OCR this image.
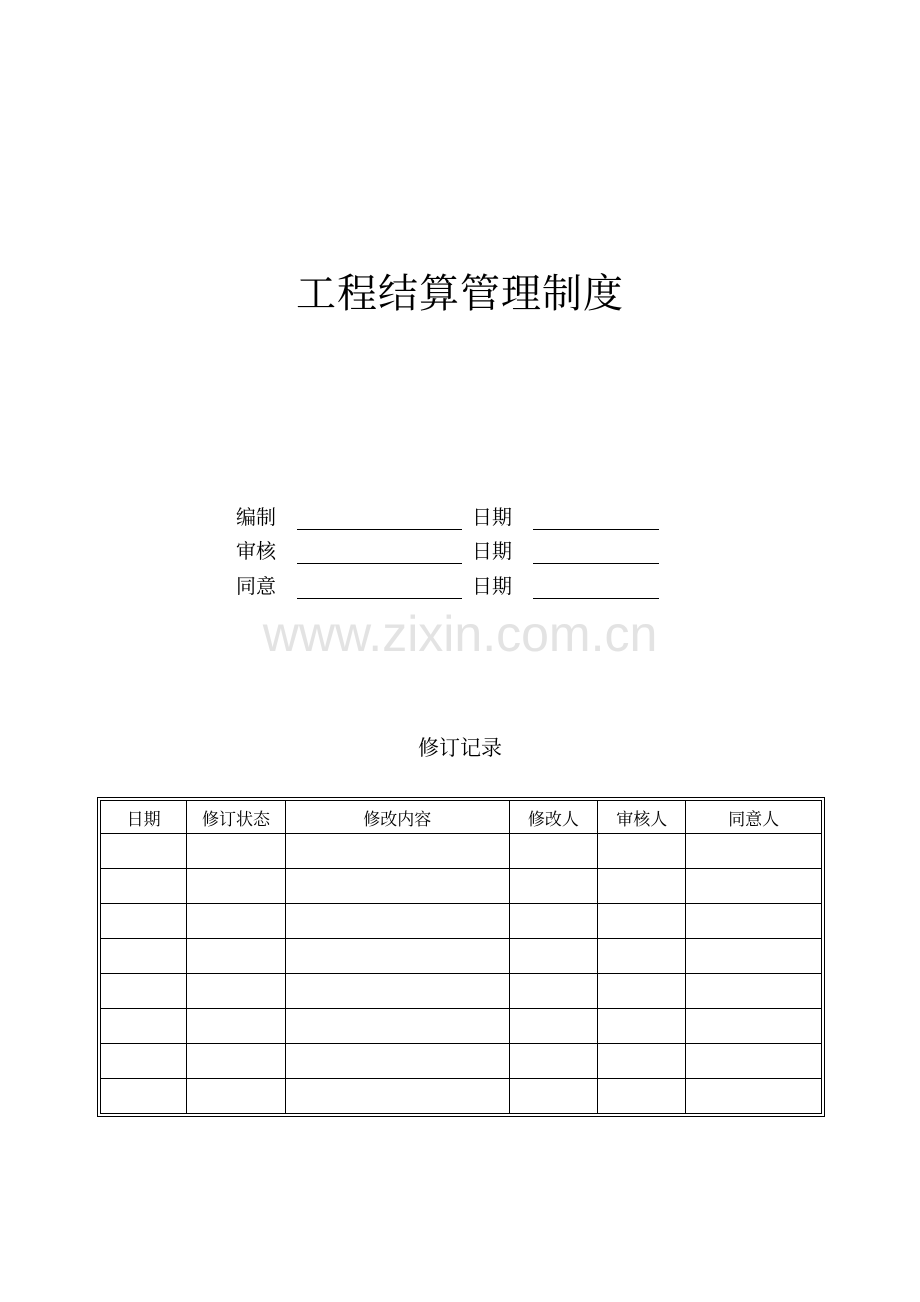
工程结算管理制度
编制	日期
审核	日期
同意	日期
www.zixin.com.cn
修订记录
日期	修订状态	修改内容	修改人	审核人	同意人
